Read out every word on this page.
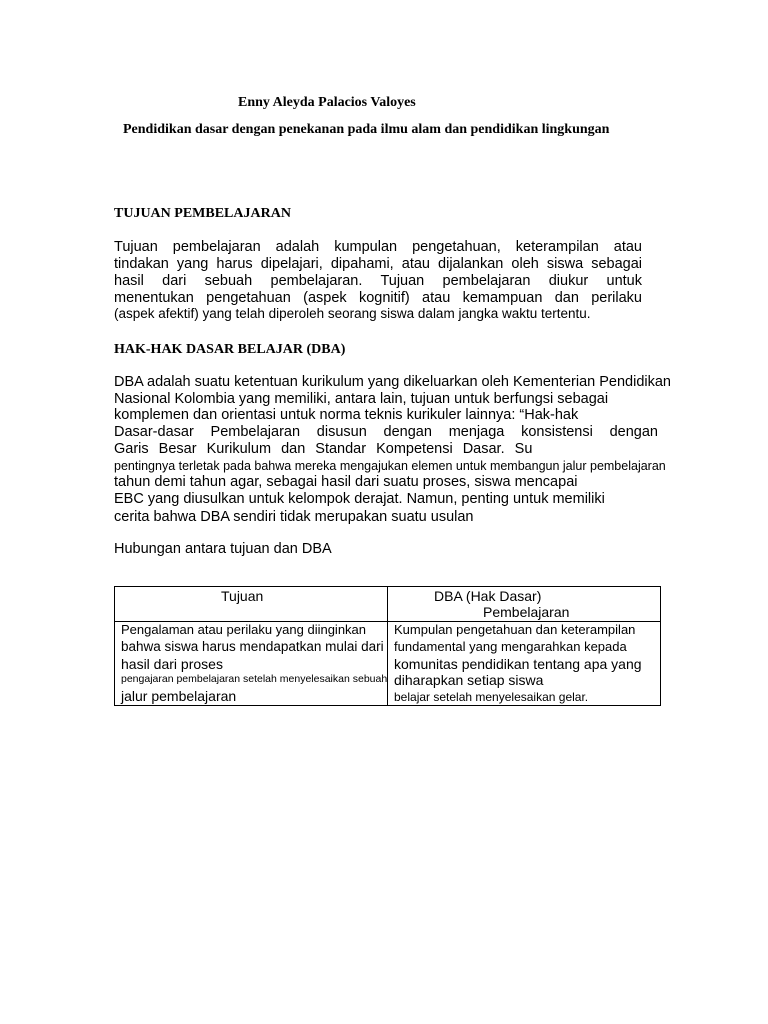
Enny Aleyda Palacios Valoyes
Pendidikan dasar dengan penekanan pada ilmu alam dan pendidikan lingkungan
TUJUAN PEMBELAJARAN
Tujuan pembelajaran adalah kumpulan pengetahuan, keterampilan atau
tindakan yang harus dipelajari, dipahami, atau dijalankan oleh siswa sebagai
hasil dari sebuah pembelajaran. Tujuan pembelajaran diukur untuk
menentukan pengetahuan (aspek kognitif) atau kemampuan dan perilaku
(aspek afektif) yang telah diperoleh seorang siswa dalam jangka waktu tertentu.
HAK-HAK DASAR BELAJAR (DBA)
DBA adalah suatu ketentuan kurikulum yang dikeluarkan oleh Kementerian Pendidikan
Nasional Kolombia yang memiliki, antara lain, tujuan untuk berfungsi sebagai
komplemen dan orientasi untuk norma teknis kurikuler lainnya: “Hak-hak
Dasar-dasar Pembelajaran disusun dengan menjaga konsistensi dengan
Garis Besar Kurikulum dan Standar Kompetensi Dasar. Su
pentingnya terletak pada bahwa mereka mengajukan elemen untuk membangun jalur pembelajaran
tahun demi tahun agar, sebagai hasil dari suatu proses, siswa mencapai
EBC yang diusulkan untuk kelompok derajat. Namun, penting untuk memiliki
cerita bahwa DBA sendiri tidak merupakan suatu usulan
Hubungan antara tujuan dan DBA
Tujuan	DBA (Hak Dasar)
Pembelajaran
Pengalaman atau perilaku yang diinginkan
bahwa siswa harus mendapatkan mulai dari
hasil dari proses
pengajaran pembelajaran setelah menyelesaikan sebuah
jalur pembelajaran
Kumpulan pengetahuan dan keterampilan
fundamental yang mengarahkan kepada
komunitas pendidikan tentang apa yang
diharapkan setiap siswa
belajar setelah menyelesaikan gelar.
